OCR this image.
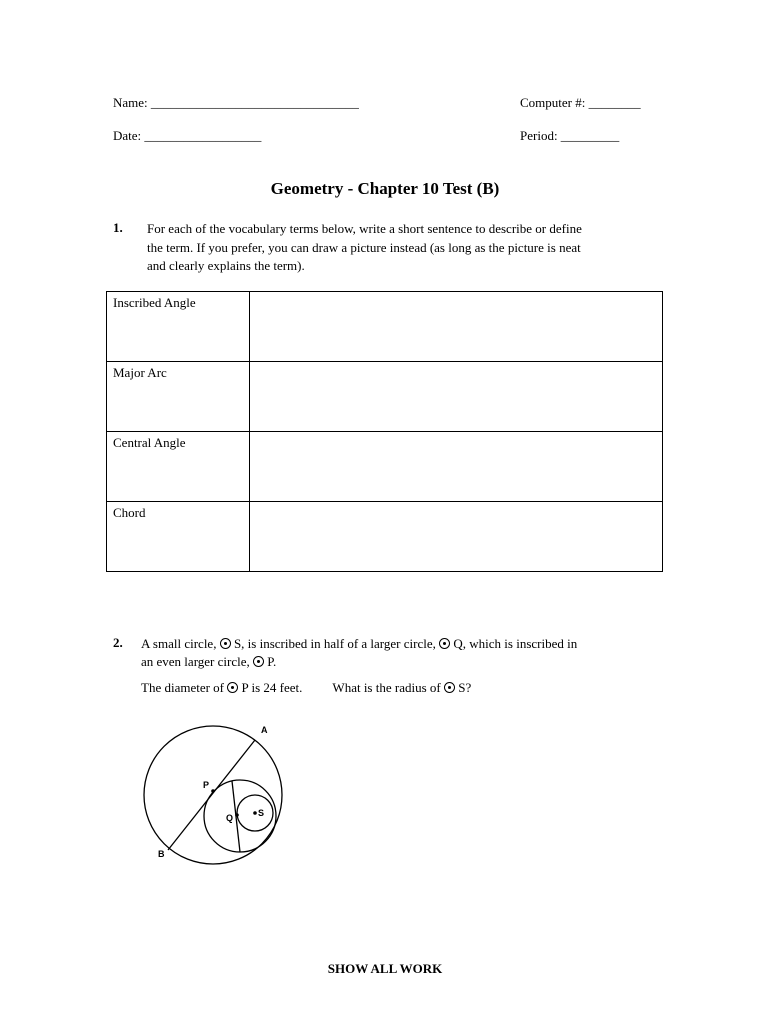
Name: ________________________________	Computer #: ________
Date: __________________	Period: _________
Geometry - Chapter 10 Test (B)
1. For each of the vocabulary terms below, write a short sentence to describe or define
the term. If you prefer, you can draw a picture instead (as long as the picture is neat
and clearly explains the term).
Inscribed Angle	
Major Arc	
Central Angle	
Chord	
2. A small circle,  S, is inscribed in half of a larger circle,  Q, which is inscribed in
an even larger circle,  P.
The diameter of  P is 24 feet. What is the radius of  S?
A
B
P
Q	S
SHOW ALL WORK
